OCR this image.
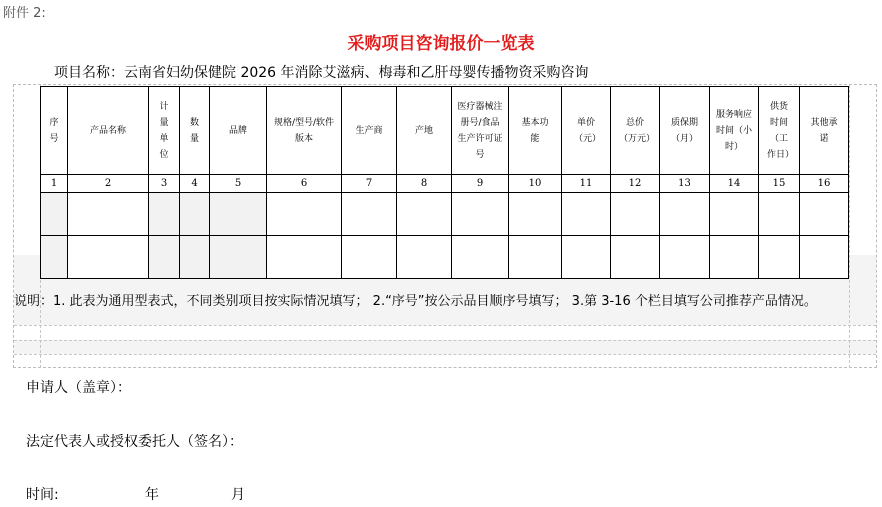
附件 2:
采购项目咨询报价一览表
项目名称：云南省妇幼保健院 2026 年消除艾滋病、梅毒和乙肝母婴传播物资采购咨询
序号	产品名称	计量单位	数量	品牌	规格/型号/软件版本	生产商	产地	医疗器械注册号/食品生产许可证号	基本功能	单价（元）	总价（万元）	质保期（月）	服务响应时间（小时）	供货时间（工作日）	其他承诺
1	2	3	4	5	6	7	8	9	10	11	12	13	14	15	16

说明：1. 此表为通用型表式，不同类别项目按实际情况填写； 2.“序号”按公示品目顺序号填写； 3.第 3-16 个栏目填写公司推荐产品情况。
申请人（盖章）：
法定代表人或授权委托人（签名）：
时间:	年	月
